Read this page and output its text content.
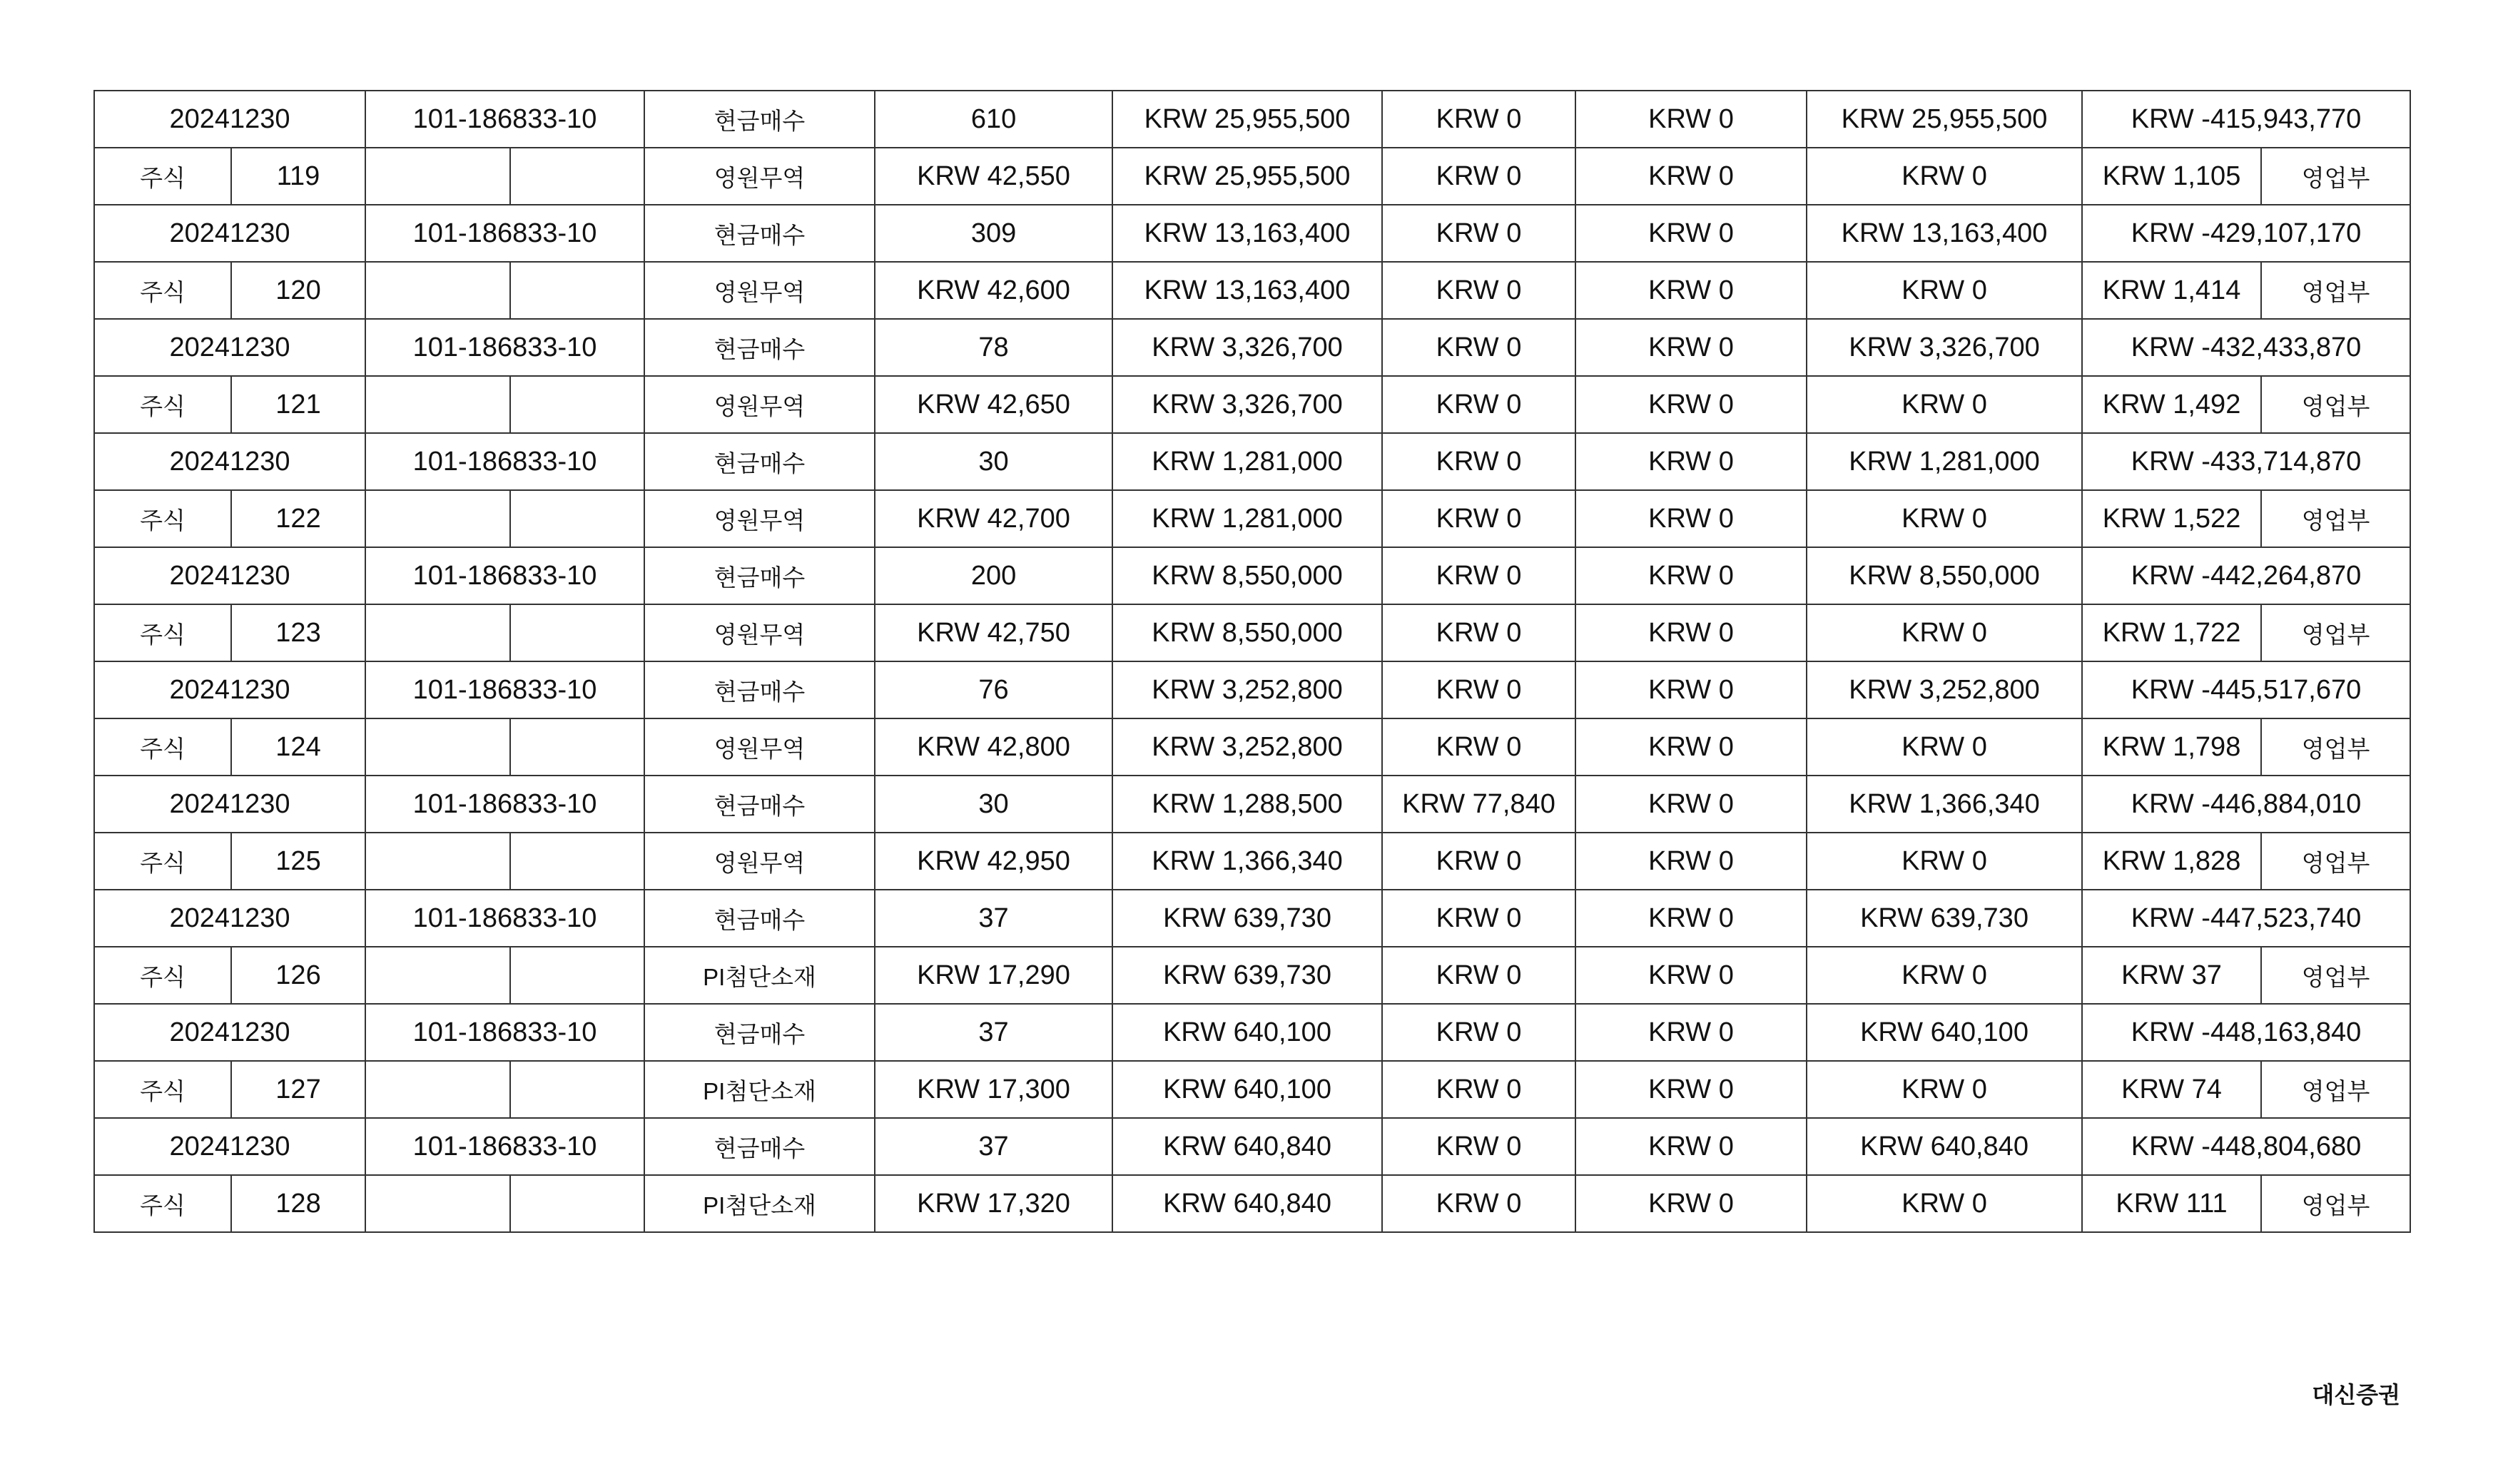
20241230		101-186833-10		현금매수	610	KRW 25,955,500	KRW 0	KRW 0	KRW 25,955,500	KRW -415,943,770	
주식	119			영원무역	KRW 42,550	KRW 25,955,500	KRW 0	KRW 0	KRW 0	KRW 1,105	영업부
20241230		101-186833-10		현금매수	309	KRW 13,163,400	KRW 0	KRW 0	KRW 13,163,400	KRW -429,107,170	
주식	120			영원무역	KRW 42,600	KRW 13,163,400	KRW 0	KRW 0	KRW 0	KRW 1,414	영업부
20241230		101-186833-10		현금매수	78	KRW 3,326,700	KRW 0	KRW 0	KRW 3,326,700	KRW -432,433,870	
주식	121			영원무역	KRW 42,650	KRW 3,326,700	KRW 0	KRW 0	KRW 0	KRW 1,492	영업부
20241230		101-186833-10		현금매수	30	KRW 1,281,000	KRW 0	KRW 0	KRW 1,281,000	KRW -433,714,870	
주식	122			영원무역	KRW 42,700	KRW 1,281,000	KRW 0	KRW 0	KRW 0	KRW 1,522	영업부
20241230		101-186833-10		현금매수	200	KRW 8,550,000	KRW 0	KRW 0	KRW 8,550,000	KRW -442,264,870	
주식	123			영원무역	KRW 42,750	KRW 8,550,000	KRW 0	KRW 0	KRW 0	KRW 1,722	영업부
20241230		101-186833-10		현금매수	76	KRW 3,252,800	KRW 0	KRW 0	KRW 3,252,800	KRW -445,517,670	
주식	124			영원무역	KRW 42,800	KRW 3,252,800	KRW 0	KRW 0	KRW 0	KRW 1,798	영업부
20241230		101-186833-10		현금매수	30	KRW 1,288,500	KRW 77,840	KRW 0	KRW 1,366,340	KRW -446,884,010	
주식	125			영원무역	KRW 42,950	KRW 1,366,340	KRW 0	KRW 0	KRW 0	KRW 1,828	영업부
20241230		101-186833-10		현금매수	37	KRW 639,730	KRW 0	KRW 0	KRW 639,730	KRW -447,523,740	
주식	126			PI첨단소재	KRW 17,290	KRW 639,730	KRW 0	KRW 0	KRW 0	KRW 37	영업부
20241230		101-186833-10		현금매수	37	KRW 640,100	KRW 0	KRW 0	KRW 640,100	KRW -448,163,840	
주식	127			PI첨단소재	KRW 17,300	KRW 640,100	KRW 0	KRW 0	KRW 0	KRW 74	영업부
20241230		101-186833-10		현금매수	37	KRW 640,840	KRW 0	KRW 0	KRW 640,840	KRW -448,804,680	
주식	128			PI첨단소재	KRW 17,320	KRW 640,840	KRW 0	KRW 0	KRW 0	KRW 111	영업부
대신증권
